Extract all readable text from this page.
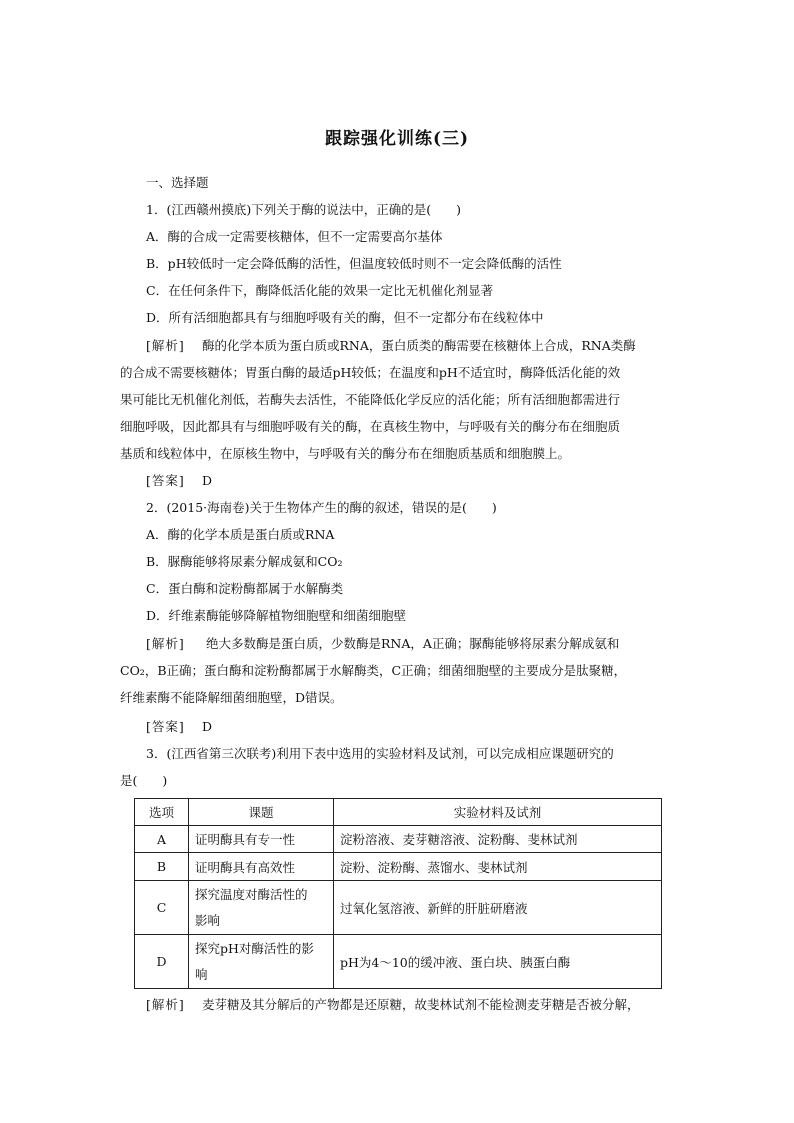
跟踪强化训练(三)
一、选择题
1．(江西赣州摸底)下列关于酶的说法中，正确的是(　　)
A．酶的合成一定需要核糖体，但不一定需要高尔基体
B．pH较低时一定会降低酶的活性，但温度较低时则不一定会降低酶的活性
C．在任何条件下，酶降低活化能的效果一定比无机催化剂显著
D．所有活细胞都具有与细胞呼吸有关的酶，但不一定都分布在线粒体中
[解析] 酶的化学本质为蛋白质或RNA，蛋白质类的酶需要在核糖体上合成，RNA类酶
的合成不需要核糖体；胃蛋白酶的最适pH较低；在温度和pH不适宜时，酶降低活化能的效
果可能比无机催化剂低，若酶失去活性，不能降低化学反应的活化能；所有活细胞都需进行
细胞呼吸，因此都具有与细胞呼吸有关的酶，在真核生物中，与呼吸有关的酶分布在细胞质
基质和线粒体中，在原核生物中，与呼吸有关的酶分布在细胞质基质和细胞膜上。
[答案] D
2．(2015·海南卷)关于生物体产生的酶的叙述，错误的是(　　)
A．酶的化学本质是蛋白质或RNA
B．脲酶能够将尿素分解成氨和CO₂
C．蛋白酶和淀粉酶都属于水解酶类
D．纤维素酶能够降解植物细胞壁和细菌细胞壁
[解析] 绝大多数酶是蛋白质，少数酶是RNA，A正确；脲酶能够将尿素分解成氨和
CO₂，B正确；蛋白酶和淀粉酶都属于水解酶类，C正确；细菌细胞壁的主要成分是肽聚糖，
纤维素酶不能降解细菌细胞壁，D错误。
[答案] D
3．(江西省第三次联考)利用下表中选用的实验材料及试剂，可以完成相应课题研究的
是(　　)
选项	课题	实验材料及试剂
A	证明酶具有专一性	淀粉溶液、麦芽糖溶液、淀粉酶、斐林试剂
B	证明酶具有高效性	淀粉、淀粉酶、蒸馏水、斐林试剂
C	探究温度对酶活性的
影响	过氧化氢溶液、新鲜的肝脏研磨液
D	探究pH对酶活性的影
响	pH为4～10的缓冲液、蛋白块、胰蛋白酶
[解析] 麦芽糖及其分解后的产物都是还原糖，故斐林试剂不能检测麦芽糖是否被分解，
